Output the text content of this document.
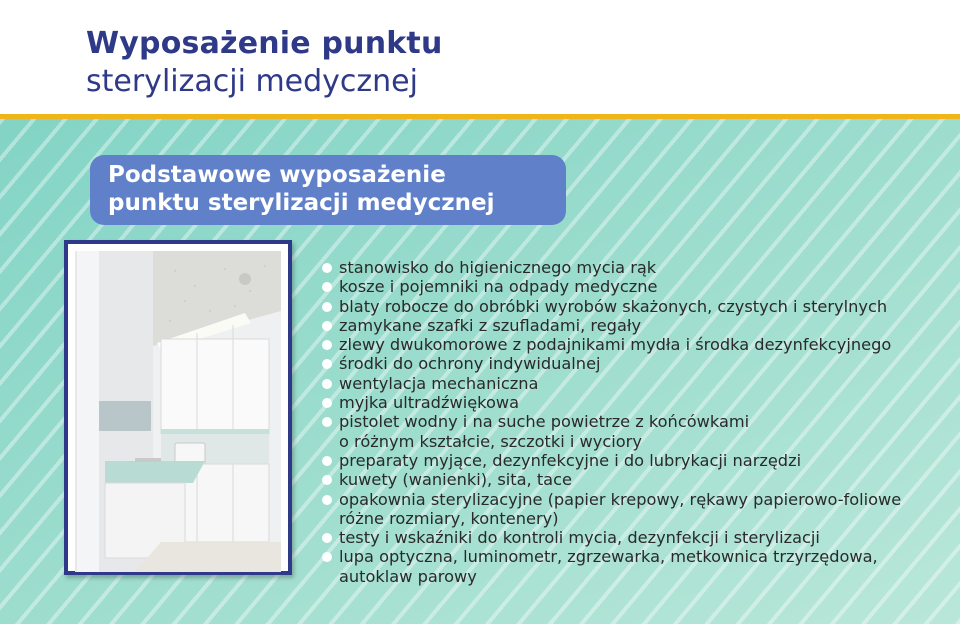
Wyposażenie punktu
sterylizacji medycznej
Podstawowe wyposażenie
punktu sterylizacji medycznej
stanowisko do higienicznego mycia rąk
kosze i pojemniki na odpady medyczne
blaty robocze do obróbki wyrobów skażonych, czystych i sterylnych
zamykane szafki z szufladami, regały
zlewy dwukomorowe z podajnikami mydła i środka dezynfekcyjnego
środki do ochrony indywidualnej
wentylacja mechaniczna
myjka ultradźwiękowa
pistolet wodny i na suche powietrze z końcówkami
o różnym kształcie, szczotki i wyciory
preparaty myjące, dezynfekcyjne i do lubrykacji narzędzi
kuwety (wanienki), sita, tace
opakownia sterylizacyjne (papier krepowy, rękawy papierowo-foliowe
różne rozmiary, kontenery)
testy i wskaźniki do kontroli mycia, dezynfekcji i sterylizacji
lupa optyczna, luminometr, zgrzewarka, metkownica trzyrzędowa,
autoklaw parowy
